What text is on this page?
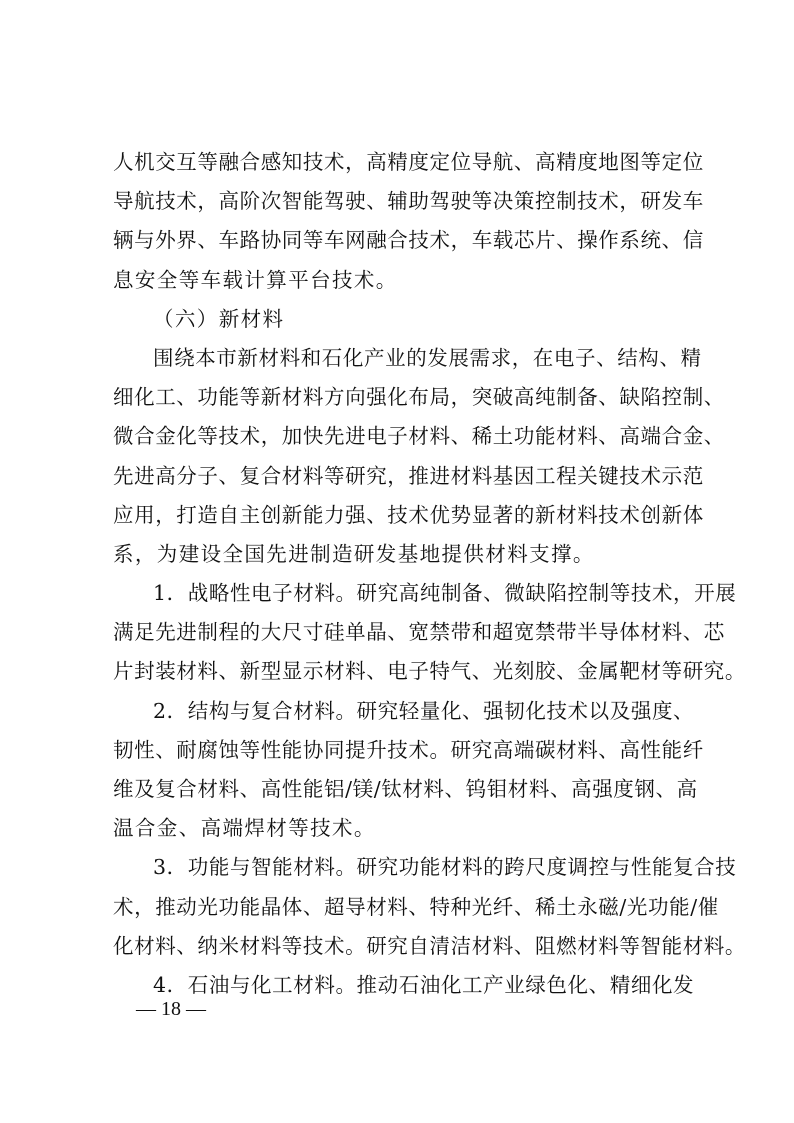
人机交互等融合感知技术，高精度定位导航、高精度地图等定位
导航技术，高阶次智能驾驶、辅助驾驶等决策控制技术，研发车
辆与外界、车路协同等车网融合技术，车载芯片、操作系统、信
息安全等车载计算平台技术。
（六）新材料
围绕本市新材料和石化产业的发展需求，在电子、结构、精
细化工、功能等新材料方向强化布局，突破高纯制备、缺陷控制、
微合金化等技术，加快先进电子材料、稀土功能材料、高端合金、
先进高分子、复合材料等研究，推进材料基因工程关键技术示范
应用，打造自主创新能力强、技术优势显著的新材料技术创新体
系，为建设全国先进制造研发基地提供材料支撑。
1．战略性电子材料。研究高纯制备、微缺陷控制等技术，开展
满足先进制程的大尺寸硅单晶、宽禁带和超宽禁带半导体材料、芯
片封装材料、新型显示材料、电子特气、光刻胶、金属靶材等研究。
2．结构与复合材料。研究轻量化、强韧化技术以及强度、
韧性、耐腐蚀等性能协同提升技术。研究高端碳材料、高性能纤
维及复合材料、高性能铝/镁/钛材料、钨钼材料、高强度钢、高
温合金、高端焊材等技术。
3．功能与智能材料。研究功能材料的跨尺度调控与性能复合技
术，推动光功能晶体、超导材料、特种光纤、稀土永磁/光功能/催
化材料、纳米材料等技术。研究自清洁材料、阻燃材料等智能材料。
4．石油与化工材料。推动石油化工产业绿色化、精细化发
— 18 —
